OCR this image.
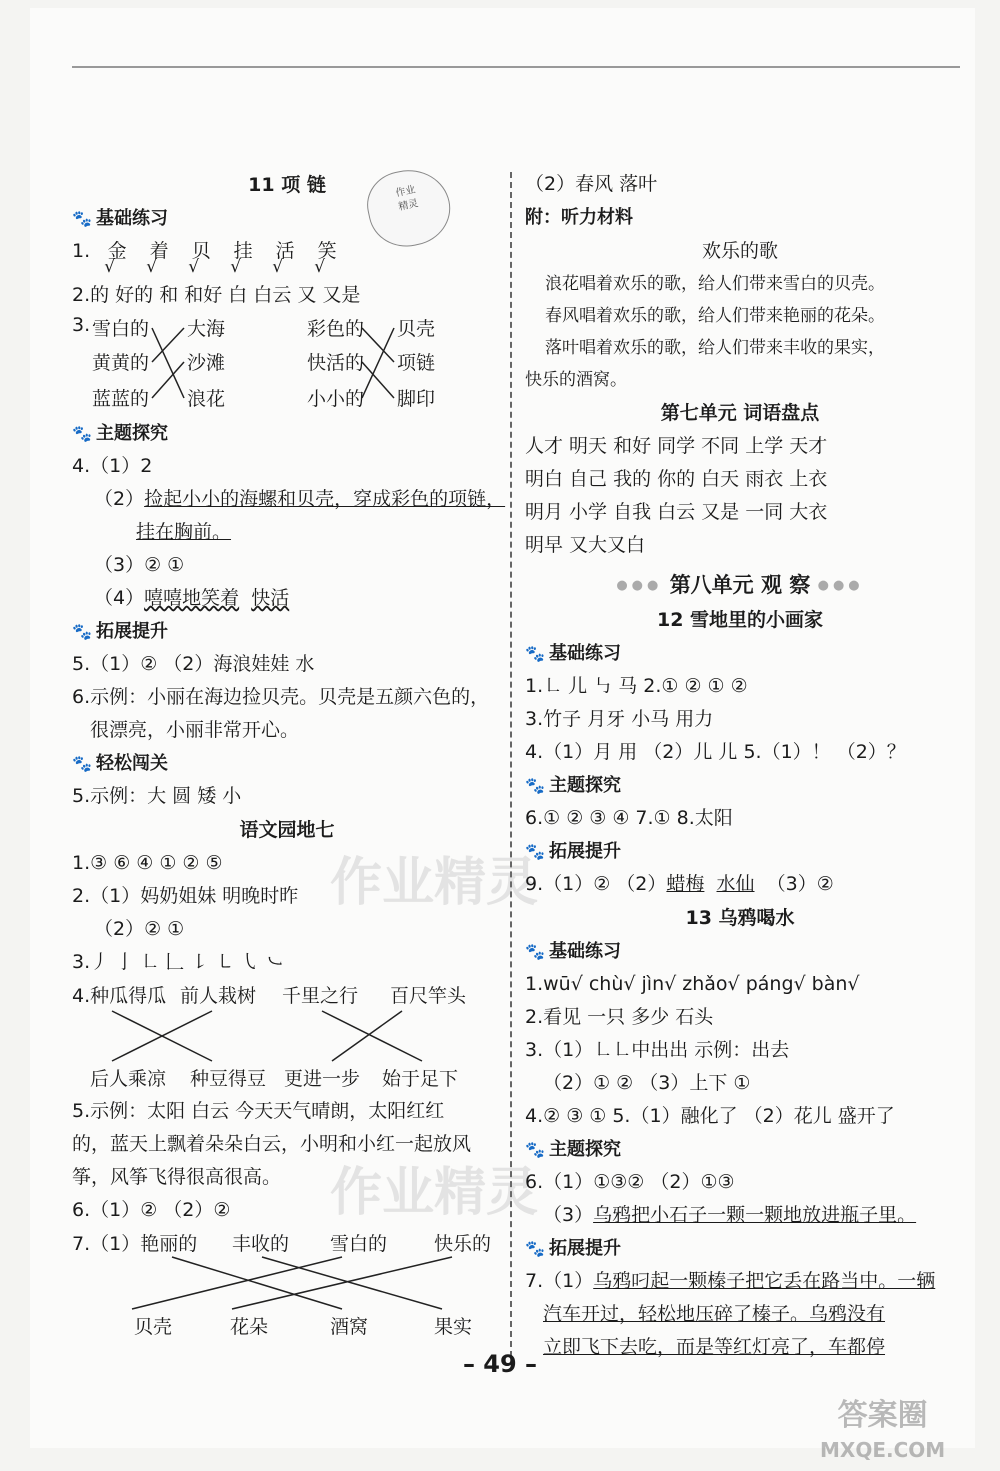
作业
精灵
作业精灵
作业精灵
11 项 链
🐾 基础练习
1. 金
√
着
√
贝
√
挂
√
活
√
笑
√
2.的 好的 和 和好 白 白云 又 又是
3. 雪白的
黄黄的
蓝蓝的
大海
沙滩
浪花
彩色的
快活的
小小的
贝壳
项链
脚印
🐾 主题探究
4.（1）2
（2）捡起小小的海螺和贝壳，穿成彩色的项链，
挂在胸前。
（3）② ①
（4）嘻嘻地笑着 快活
🐾 拓展提升
5.（1）② （2）海浪娃娃 水
6.示例：小丽在海边捡贝壳。贝壳是五颜六色的，
很漂亮，小丽非常开心。
🐾 轻松闯关
5.示例：大 圆 矮 小
语文园地七
1.③ ⑥ ④ ① ② ⑤
2.（1）妈奶姐妹 明晚时昨
（2）② ①
3.丿 亅 ㇗ 𠃊 ㇙ ㇄ ㇂ ㇃
4.种瓜得瓜 前人栽树 千里之行 百尺竿头
后人乘凉 种豆得豆 更进一步 始于足下
5.示例：太阳 白云 今天天气晴朗，太阳红红
的，蓝天上飘着朵朵白云，小明和小红一起放风
筝，风筝飞得很高很高。
6.（1）② （2）②
7.（1）艳丽的 丰收的 雪白的 快乐的
贝壳	花朵	酒窝	果实
（2）春风 落叶
附：听力材料
欢乐的歌
浪花唱着欢乐的歌，给人们带来雪白的贝壳。
春风唱着欢乐的歌，给人们带来艳丽的花朵。
落叶唱着欢乐的歌，给人们带来丰收的果实，
快乐的酒窝。
第七单元 词语盘点
人才 明天 和好 同学 不同 上学 天才
明白 自己 我的 你的 白天 雨衣 上衣
明月 小学 自我 白云 又是 一同 大衣
明早 又大又白
●●● 第八单元 观 察 ●●●
12 雪地里的小画家
🐾 基础练习
1.㇗ 儿 ㇉ 马 2.① ② ① ②
3.竹子 月牙 小马 用力
4.（1）月 用 （2）儿 儿 5.（1）！ （2）？
🐾 主题探究
6.① ② ③ ④ 7.① 8.太阳
🐾 拓展提升
9.（1）② （2）蜡梅 水仙 （3）②
13 乌鸦喝水
🐾 基础练习
1.wū√ chù√ jìn√ zhǎo√ páng√ bàn√
2.看见 一只 多少 石头
3.（1）㇗㇗中出出 示例：出去
（2）① ② （3）上下 ①
4.② ③ ① 5.（1）融化了 （2）花儿 盛开了
🐾 主题探究
6.（1）①③② （2）①③
（3）乌鸦把小石子一颗一颗地放进瓶子里。
🐾 拓展提升
7.（1）乌鸦叼起一颗榛子把它丢在路当中。一辆
汽车开过，轻松地压碎了榛子。乌鸦没有
立即飞下去吃，而是等红灯亮了，车都停
– 49 –
答案圈
MXQE.COM
